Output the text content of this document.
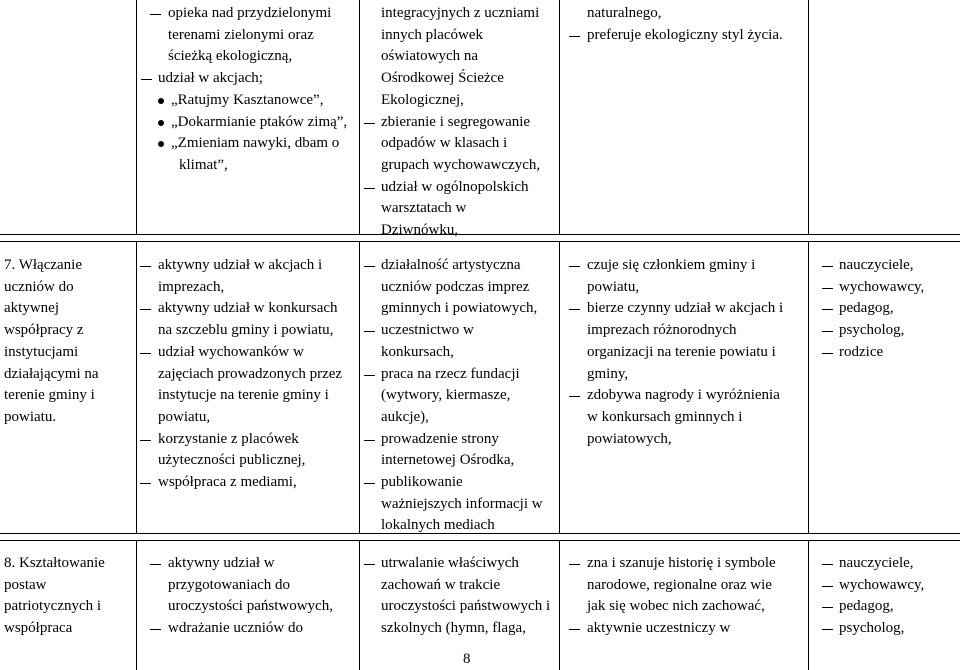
opieka nad przydzielonymi
terenami zielonymi oraz
ścieżką ekologiczną,
udział w akcjach;
„Ratujmy Kasztanowce”,
„Dokarmianie ptaków zimą”,
„Zmieniam nawyki, dbam o
klimat”,
integracyjnych z uczniami
innych placówek
oświatowych na
Ośrodkowej Ścieżce
Ekologicznej,
zbieranie i segregowanie
odpadów w klasach i
grupach wychowawczych,
udział w ogólnopolskich
warsztatach w
Dziwnówku,
naturalnego,
preferuje ekologiczny styl życia.
7. Włączanie
uczniów do
aktywnej
współpracy z
instytucjami
działającymi na
terenie gminy i
powiatu.
aktywny udział w akcjach i
imprezach,
aktywny udział w konkursach
na szczeblu gminy i powiatu,
udział wychowanków w
zajęciach prowadzonych przez
instytucje na terenie gminy i
powiatu,
korzystanie z placówek
użyteczności publicznej,
współpraca z mediami,
działalność artystyczna
uczniów podczas imprez
gminnych i powiatowych,
uczestnictwo w
konkursach,
praca na rzecz fundacji
(wytwory, kiermasze,
aukcje),
prowadzenie strony
internetowej Ośrodka,
publikowanie
ważniejszych informacji w
lokalnych mediach
czuje się członkiem gminy i
powiatu,
bierze czynny udział w akcjach i
imprezach różnorodnych
organizacji na terenie powiatu i
gminy,
zdobywa nagrody i wyróżnienia
w konkursach gminnych i
powiatowych,
nauczyciele,
wychowawcy,
pedagog,
psycholog,
rodzice
8. Kształtowanie
postaw
patriotycznych i
współpraca
aktywny udział w
przygotowaniach do
uroczystości państwowych,
wdrażanie uczniów do
utrwalanie właściwych
zachowań w trakcie
uroczystości państwowych i
szkolnych (hymn, flaga,
zna i szanuje historię i symbole
narodowe, regionalne oraz wie
jak się wobec nich zachować,
aktywnie uczestniczy w
nauczyciele,
wychowawcy,
pedagog,
psycholog,
8
